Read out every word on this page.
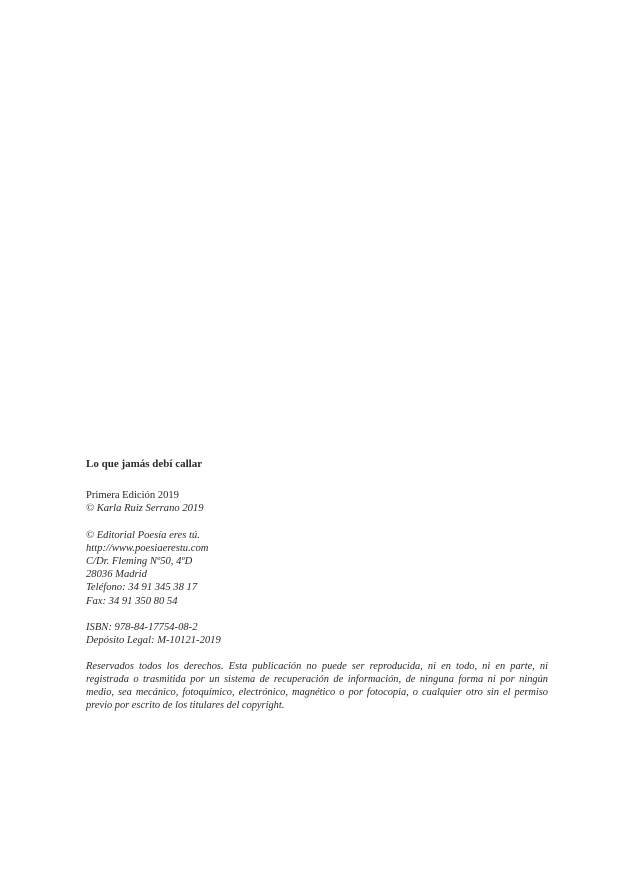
Lo que jamás debí callar
Primera Edición 2019
© Karla Ruiz Serrano 2019
© Editorial Poesía eres tú.
http://www.poesiaerestu.com
C/Dr. Fleming Nº50, 4ºD
28036 Madrid
Teléfono: 34 91 345 38 17
Fax: 34 91 350 80 54
ISBN: 978-84-17754-08-2
Depósito Legal: M-10121-2019

Reservados todos los derechos. Esta publicación no puede ser reproducida, ni en todo, ni en parte, ni registrada o trasmitida por un sistema de recuperación de información, de ninguna forma ni por ningún medio, sea mecánico, fotoquímico, electrónico, magnético o por fotocopia, o cualquier otro sin el permiso previo por escrito de los titulares del copyright.
